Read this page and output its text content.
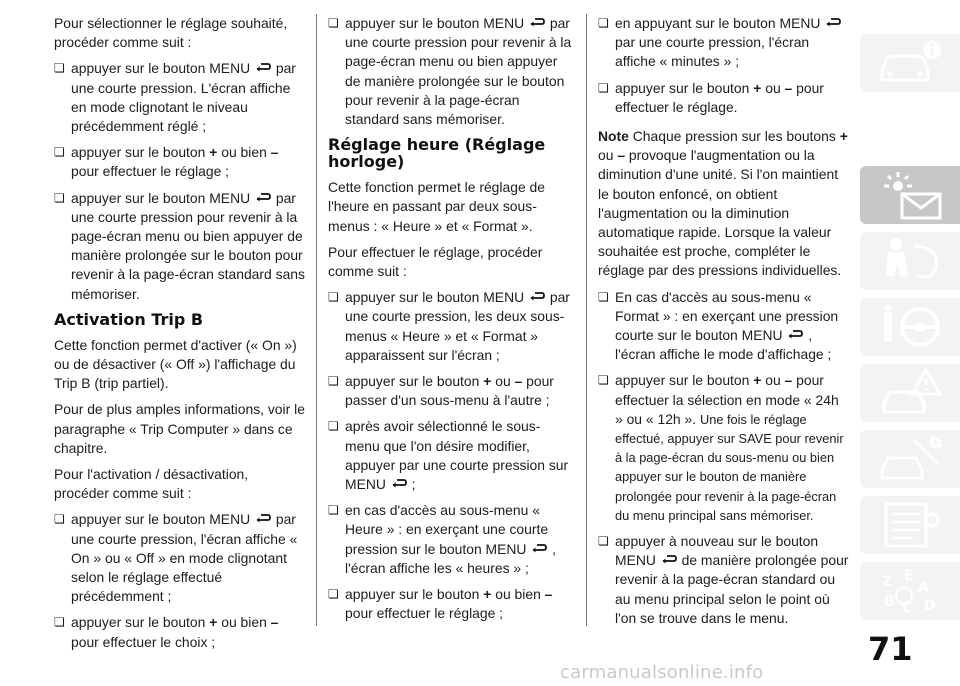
Pour sélectionner le réglage souhaité, procéder comme suit :

❏ appuyer sur le bouton MENU par une courte pression. L'écran affiche en mode clignotant le niveau précédemment réglé ;
❏ appuyer sur le bouton + ou bien – pour effectuer le réglage ;
❏ appuyer sur le bouton MENU par une courte pression pour revenir à la page-écran menu ou bien appuyer de manière prolongée sur le bouton pour revenir à la page-écran standard sans mémoriser.
Activation Trip B

Cette fonction permet d'activer (« On ») ou de désactiver (« Off ») l'affichage du Trip B (trip partiel).

Pour de plus amples informations, voir le paragraphe « Trip Computer » dans ce chapitre.

Pour l'activation / désactivation, procéder comme suit :

❏ appuyer sur le bouton MENU par une courte pression, l'écran affiche « On » ou « Off » en mode clignotant selon le réglage effectué précédemment ;
❏ appuyer sur le bouton + ou bien – pour effectuer le choix ;
❏ appuyer sur le bouton MENU par une courte pression pour revenir à la page-écran menu ou bien appuyer de manière prolongée sur le bouton pour revenir à la page-écran standard sans mémoriser.
Réglage heure (Réglage horloge)

Cette fonction permet le réglage de l'heure en passant par deux sous-menus : « Heure » et « Format ».

Pour effectuer le réglage, procéder comme suit :

❏ appuyer sur le bouton MENU par une courte pression, les deux sous-menus « Heure » et « Format » apparaissent sur l'écran ;
❏ appuyer sur le bouton + ou – pour passer d'un sous-menu à l'autre ;
❏ après avoir sélectionné le sous-menu que l'on désire modifier, appuyer par une courte pression sur MENU ;
❏ en cas d'accès au sous-menu « Heure » : en exerçant une courte pression sur le bouton MENU , l'écran affiche les « heures » ;
❏ appuyer sur le bouton + ou bien – pour effectuer le réglage ;
❏ en appuyant sur le bouton MENU  par une courte pression, l'écran affiche « minutes » ;
❏ appuyer sur le bouton + ou – pour effectuer le réglage.

Note Chaque pression sur les boutons + ou – provoque l'augmentation ou la diminution d'une unité. Si l'on maintient le bouton enfoncé, on obtient l'augmentation ou la diminution automatique rapide. Lorsque la valeur souhaitée est proche, compléter le réglage par des pressions individuelles.

❏ En cas d'accès au sous-menu « Format » : en exerçant une pression courte sur le bouton MENU , l'écran affiche le mode d'affichage ;
❏ appuyer sur le bouton + ou – pour effectuer la sélection en mode « 24h » ou « 12h ». Une fois le réglage effectué, appuyer sur SAVE pour revenir à la page-écran du sous-menu ou bien appuyer sur le bouton de manière prolongée pour revenir à la page-écran du menu principal sans mémoriser.
❏ appuyer à nouveau sur le bouton MENU de manière prolongée pour revenir à la page-écran standard ou au menu principal selon le point où l'on se trouve dans le menu.
Z E
A
B C D
71
carmanualsonline.info
